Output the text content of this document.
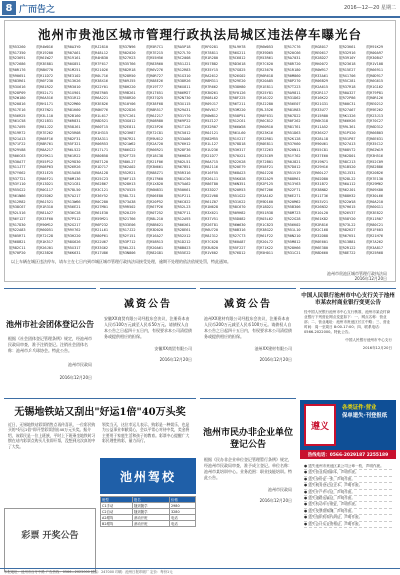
8 广而告之	2016—12—20 星期二
池州市贵池区城市管理行政执法局城区违法停车曝光台
皖R53260	皖R4W016	皖R0A3Y0	皖RJ2810	皖R37N96	皖R5R7C1	皖RA5P18	皖RF0281	皖RL9H78	皖R6W053	皖R17C76	皖RG8017	皖R23K61	皖R91K29
皖R17350	皖R19200	皖R07A61	皖R48L12	皖R02020	皖R7E215	皖R27L70	皖R78811	皖R6G211	皖R39D65	皖R20C66	皖RE0617	皖R32916	皖R00A97
皖R23691	皖R61W27	皖R19161	皖R4H830	皖R27H23	皖R55H56	皖RC2008	皖R1R280	皖RC6812	皖R53R61	皖RA7031	皖R28D27	皖R3910Y	皖R30B47
皖R72686	皖R3E881	皖R0G851	皖R7F617	皖R35T66	皖R83R60	皖R51J21	皖R57B82	皖RD3618	皖R7C620	皖R8R720	皖RK0072	皖R23618	皖R1V108
皖R0R176	皖R8N770	皖R1M251	皖R21026	皖R82R18	皖R6V276	皖R12R83	皖R35Y15	皖R7G825	皖R23670	皖R1R180	皖R0W917	皖R15E27	皖R66911
皖R90651	皖R11D72	皖RE3102	皖R0L716	皖R28R50	皖R0R727	皖R1G310	皖RA2612	皖R26G02	皖R6R618	皖R0M860	皖R33A61	皖RX1706	皖R0D917
皖R83R61	皖R6F230	皖R13K26	皖R38X16	皖R09J55	皖R88E26	皖R38R26	皖R8M311	皖R29E20	皖R20A85	皖R8P270	皖R06B29	皖R5C281	皖R6G615
皖R3X616	皖R81R22	皖RR3010	皖R22Y01	皖R8H220	皖R19T77	皖R6X811	皖R7R662	皖R38H80	皖R1E811	皖R7T223	皖R2A615	皖R37R18	皖R1G162
皖R28P09	皖R52L71	皖R1X901	皖R87R05	皖R9B261	皖R1T651	皖R06M27	皖R3N261	皖RY0126	皖R25Y81	皖RA9811	皖R2R117	皖R0A327	皖R79P81
皖R2W180	皖R6A516	皖R31R12	皖R6A221	皖R58R20	皖R37Q25	皖R2N730	皖R08L62	皖R8F225	皖R16J22	皖R31D62	皖R16K22	皖R72P86	皖R0R126
皖R20816	皖RH1171	皖R22M60	皖R3E826	皖R10Y06	皖R38F68	皖R3X115	皖R09J17	皖R6T211	皖RJ2280	皖R56E07	皖R21G31	皖R00C31	皖RE0212
皖R17E16	皖R37N21	皖R81K60	皖R0N776	皖R22D26	皖R8R517	皖R29A31	皖R6V617	皖R3M220	皖RL3526	皖R81R83	皖R33U77	皖R27A67	皖R9E262
皖R56R25	皖R3L110	皖R2B160	皖R1L617	皖R7C261	皖R6J217	皖R31Y70	皖R0W812	皖R58P51	皖R8F631	皖R07D22	皖R15R80	皖RK1326	皖R23J13
皖R61C58	皖R21B31	皖R6R831	皖R8D521	皖R3G012	皖R08R80	皖R69P22	皖R5Z127	皖R12C61	皖R6C812	皖R0F262	皖R6K318	皖R66H26	皖R70C27
皖R17A95	皖R81J22	皖R58J61	皖R60T15	皖R2E811	皖R23P26	皖R1T126	皖R32R07	皖R66W28	皖R60R10	皖R81T61	皖R11A52	皖R9L361	皖R6D312
皖R19R72	皖R7E262	皖R25R08	皖R1H315	皖R23H87	皖R72C81	皖RC5012	皖R0J121	皖R61L60	皖R23K16	皖R51D63	皖R36X27	皖R1P520	皖R66B03
皖R21A13	皖R68F16	皖R82F31	皖R3A311	皖R07R21	皖R9U612	皖R33A06	皖R82M55	皖R1V217	皖R32R81	皖R2K128	皖R28L18	皖R51P87	皖R6E631
皖R71F22	皖R8R761	皖R5F321	皖R06R53	皖R21W62	皖R2A720	皖R76H12	皖R1L127	皖R78D18	皖R0E811	皖R37K60	皖R90U61	皖R27A13	皖R35C12
皖R29V88	皖R8A217	皖R6L522	皖R17L71	皖R06G22	皖R66R21	皖R28F36	皖R1U236	皖R3H317	皖R7Z263	皖R20N11	皖R55C81	皖R08V72	皖R62W19
皖R06C63	皖R29K11	皖R61R22	皖R80B58	皖R2F725	皖R18C38	皖R6H826	皖R21D77	皖R70X21	皖R23C69	皖R1Y762	皖R37E60	皖R62D01	皖R3H516
皖R30A77	皖R55P12	皖R29D30	皖R8T120	皖R86L27	皖R21F06	皖R02L51	皖R6A715	皖R22K28	皖R72B01	皖R0J821	皖R19N71	皖R8C213	皖R52C09
皖R11J77	皖R08P63	皖R26R26	皖R1D717	皖R62A02	皖R3N661	皖R67B51	皖R8J116	皖R20E79	皖R58F21	皖R7D012	皖R29H16	皖R1B520	皖R82B86
皖R7Y662	皖R31E25	皖R15A58	皖R0A128	皖R52R21	皖R88Z71	皖R5R316	皖R16F55	皖R68A23	皖R0J228	皖R51V19	皖R60L27	皖R1J531	皖R20B26
皖R37T21	皖R86F21	皖R0M136	皖R25C23	皖R6F113	皖R17R60	皖R81C56	皖R26L11	皖R5K028	皖R32A29	皖R88R61	皖R02D80	皖R28L22	皖R7E130
皖R3Y110	皖R13D21	皖R21C81	皖R62B67	皖R28H13	皖R1X820	皖R75A62	皖R86T80	皖R6N351	皖R2P125	皖R13Y63	皖R31B72	皖R6A112	皖R29M62
皖R55G22	皖R0G117	皖R78L50	皖R3C121	皖R7U525	皖R6N831	皖R50K61	皖R33D27	皖R20R53	皖R6T206	皖R22F71	皖R38N82	皖R62J01	皖R09X80
皖R61N86	皖R25D62	皖R7A217	皖R36Y52	皖R8L721	皖R06E80	皖R1P211	皖R22V08	皖R51G22	皖R3A162	皖R6E271	皖R11T36	皖R88H32	皖R30L66
皖R12R82	皖R6J521	皖R13W66	皖R0C280	皖R73A38	皖R20P52	皖R6C022	皖R61Z07	皖R31K22	皖R9D160	皖R20M62	皖R53V21	皖R22W18	皖R0A210
皖R38C67	皖R1R310	皖R56E21	皖R27M01	皖R9R502	皖R67P26	皖R52L23	皖R1N628	皖R8C670	皖R18D21	皖R5B306	皖R26N32	皖R7H615	皖R60G11
皖R2L516	皖R81A27	皖R36C28	皖R61E30	皖R20J29	皖R0T252	皖R87F11	皖R3X621	皖R09H82	皖R51R38	皖R8M723	皖R10L20	皖R26V37	皖R3E822
皖R6Y127	皖R33F60	皖R7P512	皖R59M21	皖R21T66	皖R8L210	皖R12A93	皖R37V51	皖R5D082	皖R03L62	皖R22G28	皖R61K82	皖R58Y20	皖R11R07
皖R17D30	皖R90M12	皖R2G217	皖R6P232	皖R33E06	皖R8B621	皖R06X61	皖R26T81	皖R6W630	皖R1C823	皖R56K02	皖R2R816	皖R73L22	皖R80C21
皖R22A83	皖R60D51	皖R9V762	皖R21L61	皖R17J22	皖R3D020	皖R28E61	皖R6U720	皖R0B316	皖R38G22	皖R51L10	皖R2C168	皖R82K27	皖R1F603
皖R05R71	皖R72C28	皖R3H220	皖R80P61	皖R2Y151	皖R16A27	皖R52X12	皖R8J312	皖R27C73	皖R61F22	皖R0N210	皖R32D88	皖R67K51	皖R21H76
皖R68B21	皖R1K517	皖R8G626	皖R22U67	皖R3P712	皖R58R13	皖R1D212	皖R7C628	皖R60A87	皖R20L72	皖R5M812	皖R0E601	皖R13B81	皖R7A262
皖R82C11	皖R26J01	皖R5X317	皖R33G62	皖R6L221	皖R20A61	皖R8B023	皖R3U820	皖R5F227	皖R71K22	皖R28H66	皖R6E380	皖R2R122	皖R3A817
皖R70P20	皖R23B26	皖R6K631	皖R17U86	皖R3N806	皖R82G81	皖R55E22	皖R1V602	皖R76D12	皖R5H011	皖R31C21	皖R8D660	皖R8E722	皖R25R68
以上车辆在城区违法停车，请车主在七日内到市城区城市管理行政执法局接受处理，逾期不处理的依法依规处罚，特此通知。
池州市贵池区城市管理行政执法局
2016年12月20日
池州市社会团体登记公告
根据《社会团体登记管理条例》规定，经池州市民政局审查，准予注销登记。注销社会团体名称：池州市乒乓球协会。特此公告。
池州市民政局
2016年12月20日
减资公告
安徽XX商贸有限公司经股东会决议，注册资本由人民币100万元减至人民币50万元。请债权人自本公告之日起四十五日内，有权要求本公司清偿债务或提供相应的担保。
安徽XX商贸有限公司
2016年12月20日
减资公告
池州XX建材有限公司经股东会决议，注册资本由人民币200万元减至人民币100万元。请债权人自本公告之日起四十五日内，有权要求本公司清偿债务或提供相应的担保。
池州XX建材有限公司
2016年12月20日
中国人民银行池州市中心支行关于池州市某农村商业银行变更公告
经中国人民银行池州市中心支行核准，池州市某农村商业银行下列营业网点变更如下：一、网点名称：营业部；二、营业地址：池州市贵池区长江中路；三、营业时间：周一至周日 8:00-17:00；四、联系电话：0566-2022000。特此公告。
中国人民银行池州市中心支行
2016年12月20日
无锡地铁站又刮出"好运1倍"40万头奖
近日，无锡地铁站彩票销售点再传喜讯，一位彩民购买的"好运1倍"即开型彩票刮出40万元头奖。据介绍，该彩民是一位上班族，平时上下班乘坐地铁时习惯在站内彩票点购买几张即开票，没想到这次真的中了大奖。
领奖当天，这位幸运儿表示，购彩是一种娱乐，也是为公益事业奉献爱心，会以平常心对待中奖，奖金将主要用于家庭生活和孩子的教育。彩票中心提醒广大彩民理性购彩，量力而行。
池州驾校
班型	报名	价格
C1手动	随到随学	2980
C2自动	随到随学	3280
A2增驾	滚动开班	电话
B2增驾	滚动开班	电话
彩票 开奖公告
池州市民办非企业单位登记公告
根据《民办非企业单位登记管理暂行条例》规定，经池州市民政局审查，准予成立登记。单位名称：池州市某培训中心。业务范围：职业技能培训。特此公告。
池州市民政局
2016年12月20日
遵义
各类证件·营业
保单遗失·刊登报纸
热线电话：0566-2029187 2255189
● 遗失池州市贵池区某公司公章一枚，声明作废。
● 遗失营业执照副本，声明作废。
● 遗失身份证一张，声明作废。
● 遗失税务登记证正本，声明作废。
● 遗失开户许可证，声明作废。
● 遗失道路运输证，声明作废。
● 遗失机动车行驶证，声明作废。
● 遗失发票领购簿，声明作废。
● 遗失组织机构代码证，声明作废。
● 遗失会计从业资格证，声明作废。
本报地址：池州市百牙中路 广告热线：0566—2022000 邮编：247000 印刷：池州日报印刷厂 定价：每份1元
